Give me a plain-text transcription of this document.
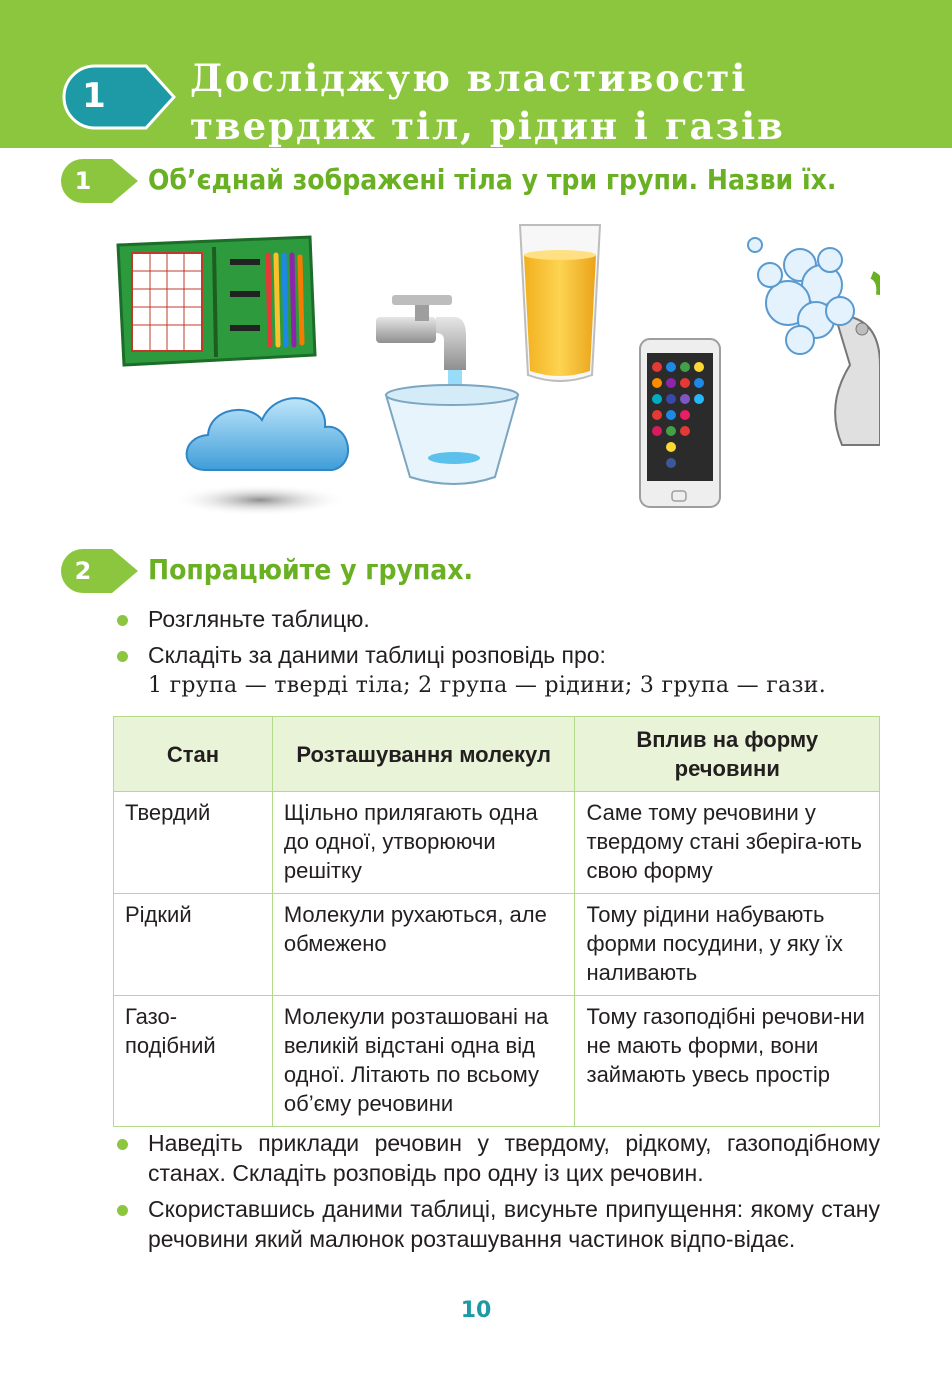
1 Досліджую властивості
твердих тіл, рідин і газів
1	Об’єднай зображені тіла у три групи. Назви їх.
2	Попрацюйте у групах.
Розгляньте таблицю.
Складіть за даними таблиці розповідь про:
1 група — тверді тіла; 2 група — рідини; 3 група — гази.
Стан	Розташування молекул	Вплив на форму речовини
Твердий	Щільно прилягають одна до одної, утворюючи решітку	Саме тому речовини у твердому стані зберіга-ють свою форму
Рідкий	Молекули рухаються, але обмежено	Тому рідини набувають форми посудини, у яку їх наливають
Газо-подібний	Молекули розташовані на великій відстані одна від одної. Літають по всьому об’єму речовини	Тому газоподібні речови-ни не мають форми, вони займають увесь простір
Наведіть приклади речовин у твердому, рідкому, газоподібному станах. Складіть розповідь про одну із цих речовин.
Скориставшись даними таблиці, висуньте припущення: якому стану речовини який малюнок розташування частинок відпо-відає.
10
